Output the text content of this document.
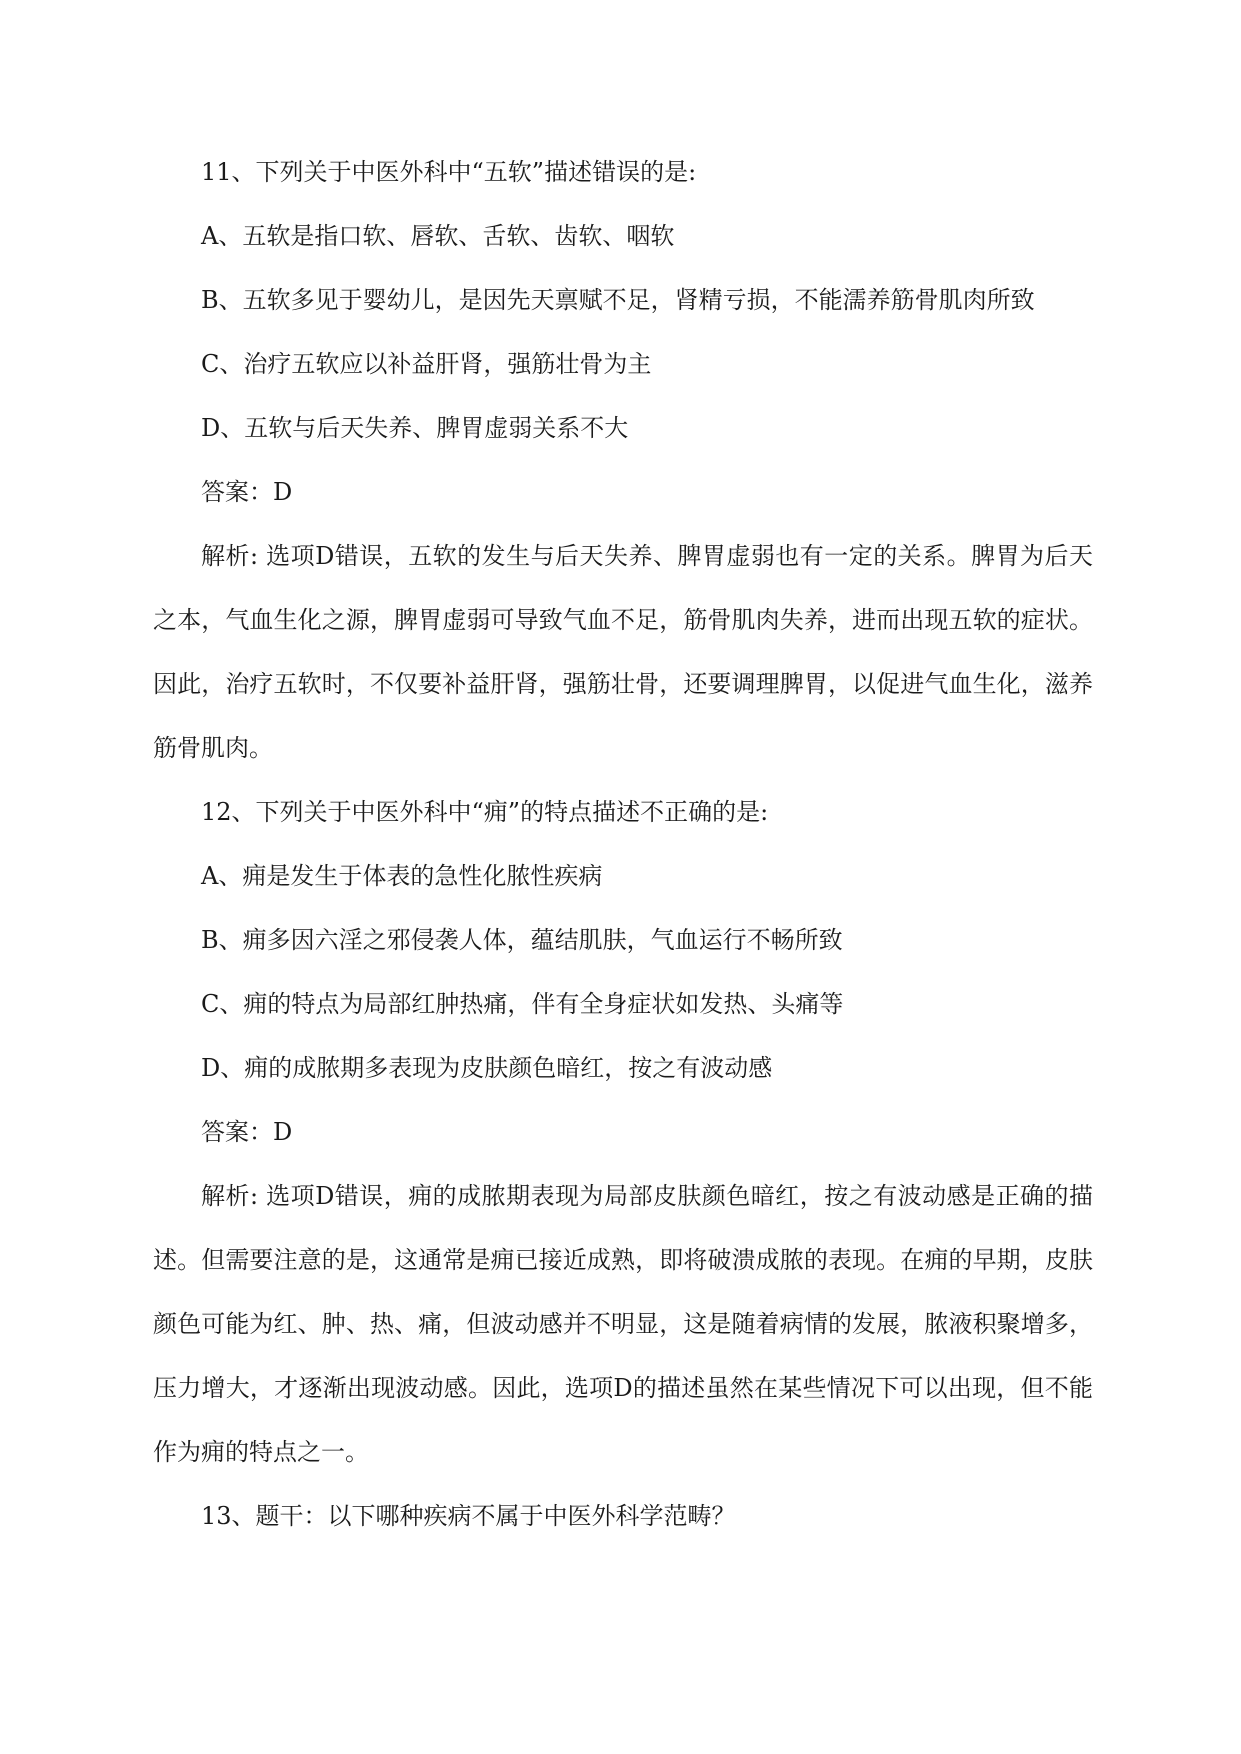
11、下列关于中医外科中“五软”描述错误的是:

A、五软是指口软、唇软、舌软、齿软、咽软

B、五软多见于婴幼儿，是因先天禀赋不足，肾精亏损，不能濡养筋骨肌肉所致

C、治疗五软应以补益肝肾，强筋壮骨为主

D、五软与后天失养、脾胃虚弱关系不大

答案：D

解析: 选项D错误，五软的发生与后天失养、脾胃虚弱也有一定的关系。脾胃为后天之本，气血生化之源，脾胃虚弱可导致气血不足，筋骨肌肉失养，进而出现五软的症状。因此，治疗五软时，不仅要补益肝肾，强筋壮骨，还要调理脾胃，以促进气血生化，滋养筋骨肌肉。

12、下列关于中医外科中“痈”的特点描述不正确的是:

A、痈是发生于体表的急性化脓性疾病

B、痈多因六淫之邪侵袭人体，蕴结肌肤，气血运行不畅所致

C、痈的特点为局部红肿热痛，伴有全身症状如发热、头痛等

D、痈的成脓期多表现为皮肤颜色暗红，按之有波动感

答案：D

解析: 选项D错误，痈的成脓期表现为局部皮肤颜色暗红，按之有波动感是正确的描述。但需要注意的是，这通常是痈已接近成熟，即将破溃成脓的表现。在痈的早期，皮肤颜色可能为红、肿、热、痛，但波动感并不明显，这是随着病情的发展，脓液积聚增多，压力增大，才逐渐出现波动感。因此，选项D的描述虽然在某些情况下可以出现，但不能作为痈的特点之一。

13、题干：以下哪种疾病不属于中医外科学范畴？
